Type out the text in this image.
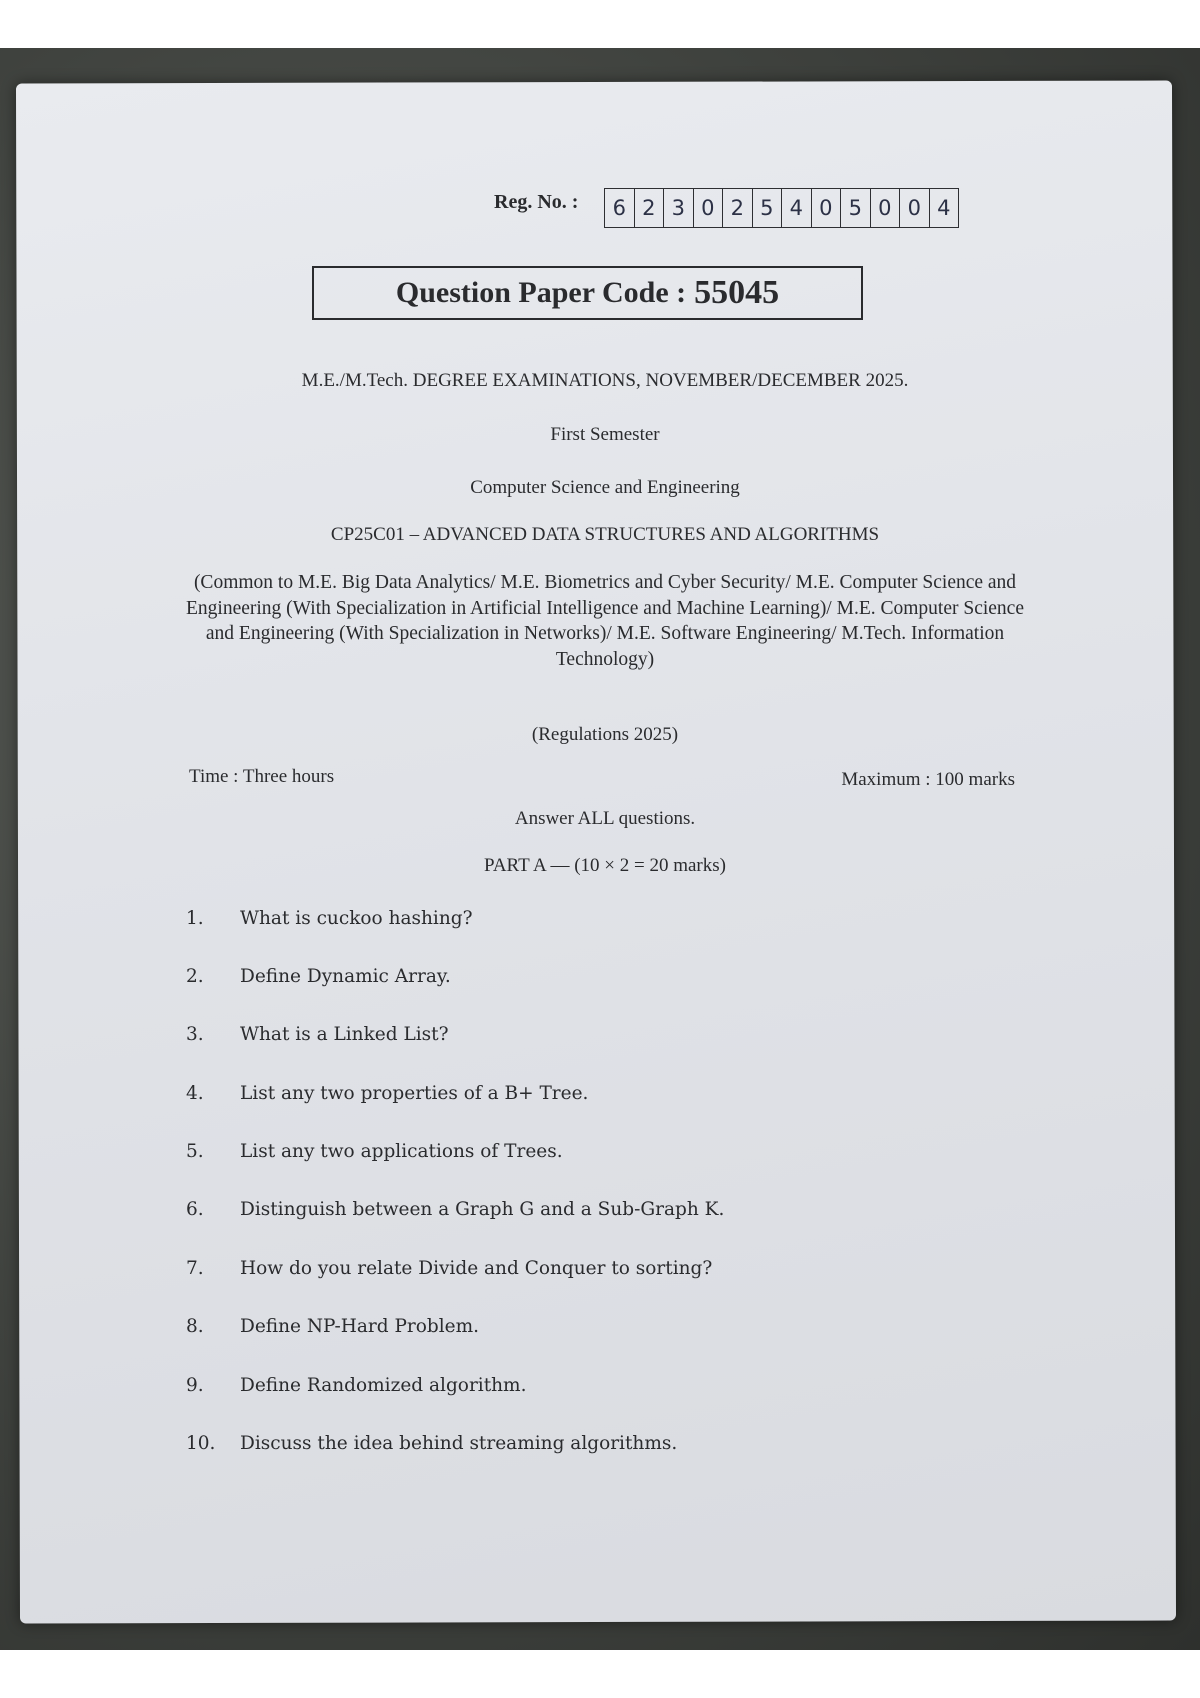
Reg. No. :	6 2 3 0 2 5 4 0 5 0 0 4
Question Paper Code : 55045
M.E./M.Tech. DEGREE EXAMINATIONS, NOVEMBER/DECEMBER 2025.
First Semester
Computer Science and Engineering
CP25C01 – ADVANCED DATA STRUCTURES AND ALGORITHMS
(Common to M.E. Big Data Analytics/ M.E. Biometrics and Cyber Security/ M.E. Computer Science and Engineering (With Specialization in Artificial Intelligence and Machine Learning)/ M.E. Computer Science and Engineering (With Specialization in Networks)/ M.E. Software Engineering/ M.Tech. Information Technology)
(Regulations 2025)
Time : Three hours	Maximum : 100 marks
Answer ALL questions.
PART A — (10 × 2 = 20 marks)
1.	What is cuckoo hashing?
2.	Define Dynamic Array.
3.	What is a Linked List?
4.	List any two properties of a B+ Tree.
5.	List any two applications of Trees.
6.	Distinguish between a Graph G and a Sub-Graph K.
7.	How do you relate Divide and Conquer to sorting?
8.	Define NP-Hard Problem.
9.	Define Randomized algorithm.
10.	Discuss the idea behind streaming algorithms.
